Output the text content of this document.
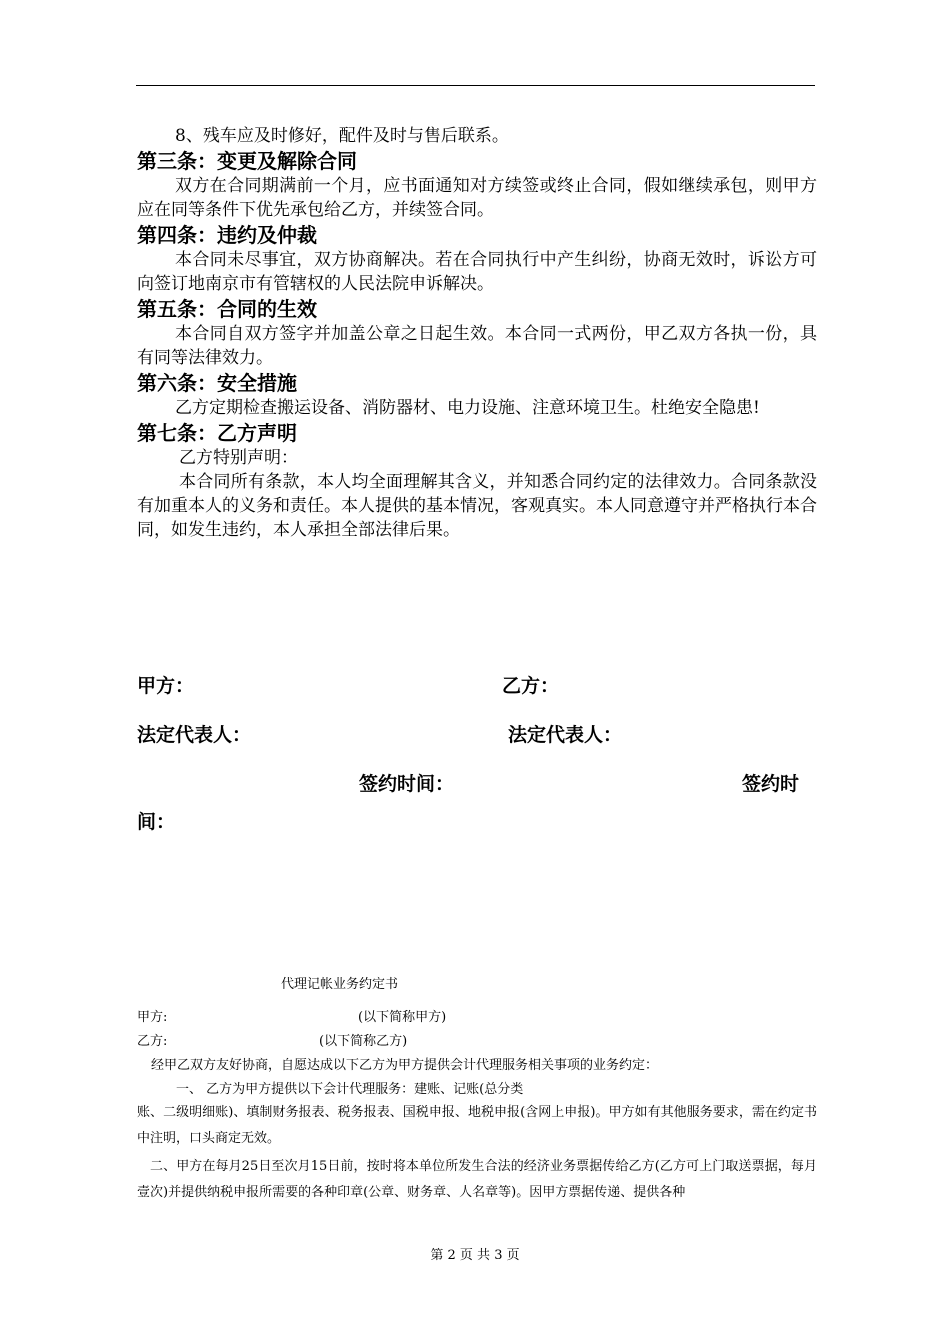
8、残车应及时修好，配件及时与售后联系。

第三条：变更及解除合同

双方在合同期满前一个月，应书面通知对方续签或终止合同，假如继续承包，则甲方应在同等条件下优先承包给乙方，并续签合同。

第四条：违约及仲裁

本合同未尽事宜，双方协商解决。若在合同执行中产生纠纷，协商无效时，诉讼方可向签订地南京市有管辖权的人民法院申诉解决。

第五条：合同的生效

本合同自双方签字并加盖公章之日起生效。本合同一式两份，甲乙双方各执一份，具有同等法律效力。

第六条：安全措施

乙方定期检查搬运设备、消防器材、电力设施、注意环境卫生。杜绝安全隐患!

第七条：乙方声明

乙方特别声明：

本合同所有条款，本人均全面理解其含义，并知悉合同约定的法律效力。合同条款没有加重本人的义务和责任。本人提供的基本情况，客观真实。本人同意遵守并严格执行本合同，如发生违约，本人承担全部法律后果。

甲方：	乙方：
法定代表人：	法定代表人：
签约时间：	签约时
间：
代理记帐业务约定书
甲方:	(以下简称甲方)
乙方:	(以下简称乙方)
经甲乙双方友好协商，自愿达成以下乙方为甲方提供会计代理服务相关事项的业务约定：
一、 乙方为甲方提供以下会计代理服务：建账、记账(总分类
账、二级明细账)、填制财务报表、税务报表、国税申报、地税申报(含网上申报)。甲方如有其他服务要求，需在约定书中注明，口头商定无效。
二、甲方在每月25日至次月15日前，按时将本单位所发生合法的经济业务票据传给乙方(乙方可上门取送票据，每月壹次)并提供纳税申报所需要的各种印章(公章、财务章、人名章等)。因甲方票据传递、提供各种
第 2 页 共 3 页
